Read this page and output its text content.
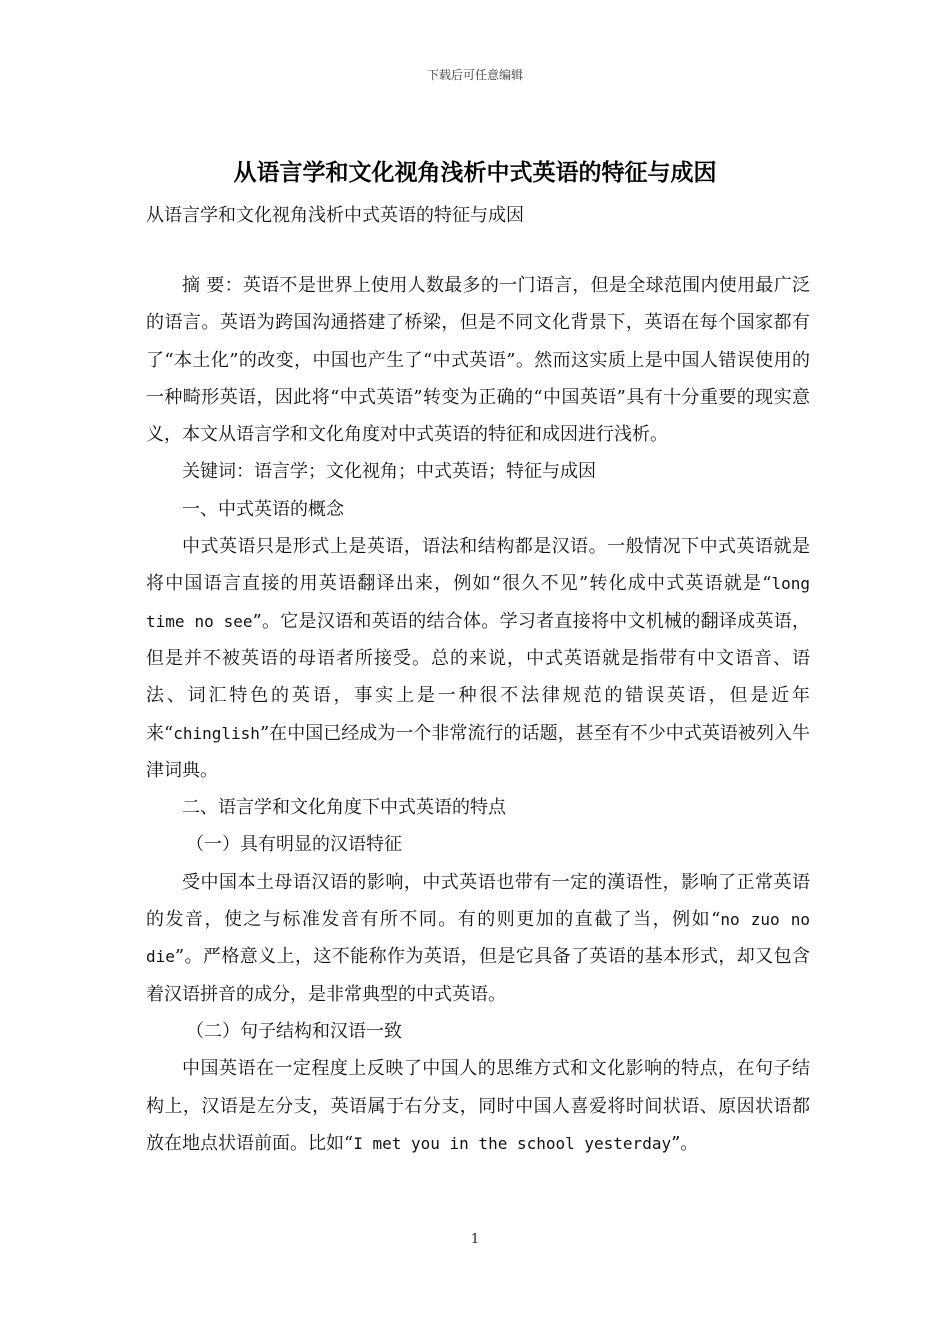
下载后可任意编辑
从语言学和文化视角浅析中式英语的特征与成因
从语言学和文化视角浅析中式英语的特征与成因

摘 要：英语不是世界上使用人数最多的一门语言，但是全球范围内使用最广泛的语言。英语为跨国沟通搭建了桥梁，但是不同文化背景下，英语在每个国家都有了“本土化”的改变，中国也产生了“中式英语”。然而这实质上是中国人错误使用的一种畸形英语，因此将“中式英语”转变为正确的“中国英语”具有十分重要的现实意义，本文从语言学和文化角度对中式英语的特征和成因进行浅析。

关键词：语言学；文化视角；中式英语；特征与成因

一、中式英语的概念

中式英语只是形式上是英语，语法和结构都是汉语。一般情况下中式英语就是将中国语言直接的用英语翻译出来，例如“很久不见”转化成中式英语就是“long time no see”。它是汉语和英语的结合体。学习者直接将中文机械的翻译成英语，但是并不被英语的母语者所接受。总的来说，中式英语就是指带有中文语音、语法、词汇特色的英语，事实上是一种很不法律规范的错误英语，但是近年来“chinglish”在中国已经成为一个非常流行的话题，甚至有不少中式英语被列入牛津词典。

二、语言学和文化角度下中式英语的特点

（一）具有明显的汉语特征

受中国本土母语汉语的影响，中式英语也带有一定的漢语性，影响了正常英语的发音，使之与标准发音有所不同。有的则更加的直截了当，例如“no zuo no die”。严格意义上，这不能称作为英语，但是它具备了英语的基本形式，却又包含着汉语拼音的成分，是非常典型的中式英语。

（二）句子结构和汉语一致

中国英语在一定程度上反映了中国人的思维方式和文化影响的特点，在句子结构上，汉语是左分支，英语属于右分支，同时中国人喜爱将时间状语、原因状语都放在地点状语前面。比如“I met you in the school yesterday”。

1
